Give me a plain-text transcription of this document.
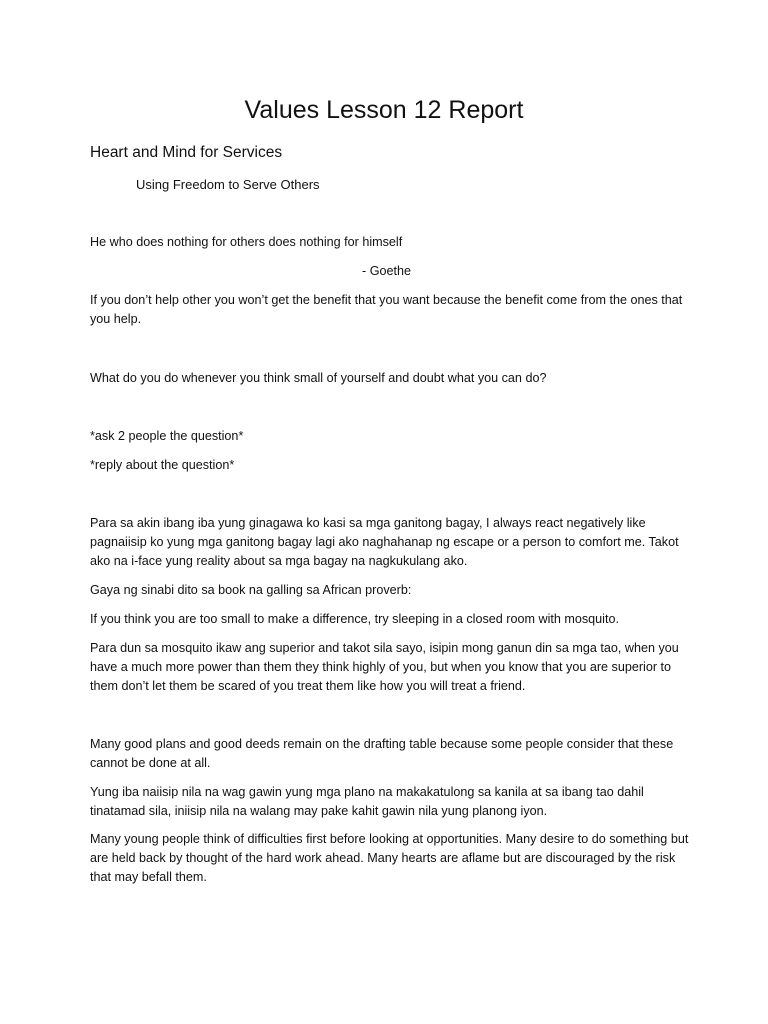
Values Lesson 12 Report
Heart and Mind for Services

Using Freedom to Serve Others

He who does nothing for others does nothing for himself

- Goethe

If you don’t help other you won’t get the benefit that you want because the benefit come from the ones that you help.

What do you do whenever you think small of yourself and doubt what you can do?

*ask 2 people the question*

*reply about the question*

Para sa akin ibang iba yung ginagawa ko kasi sa mga ganitong bagay, I always react negatively like pagnaiisip ko yung mga ganitong bagay lagi ako naghahanap ng escape or a person to comfort me. Takot ako na i-face yung reality about sa mga bagay na nagkukulang ako.

Gaya ng sinabi dito sa book na galling sa African proverb:

If you think you are too small to make a difference, try sleeping in a closed room with mosquito.

Para dun sa mosquito ikaw ang superior and takot sila sayo, isipin mong ganun din sa mga tao, when you have a much more power than them they think highly of you, but when you know that you are superior to them don’t let them be scared of you treat them like how you will treat a friend.

Many good plans and good deeds remain on the drafting table because some people consider that these cannot be done at all.

Yung iba naiisip nila na wag gawin yung mga plano na makakatulong sa kanila at sa ibang tao dahil tinatamad sila, iniisip nila na walang may pake kahit gawin nila yung planong iyon.

Many young people think of difficulties first before looking at opportunities. Many desire to do something but are held back by thought of the hard work ahead. Many hearts are aflame but are discouraged by the risk that may befall them.
